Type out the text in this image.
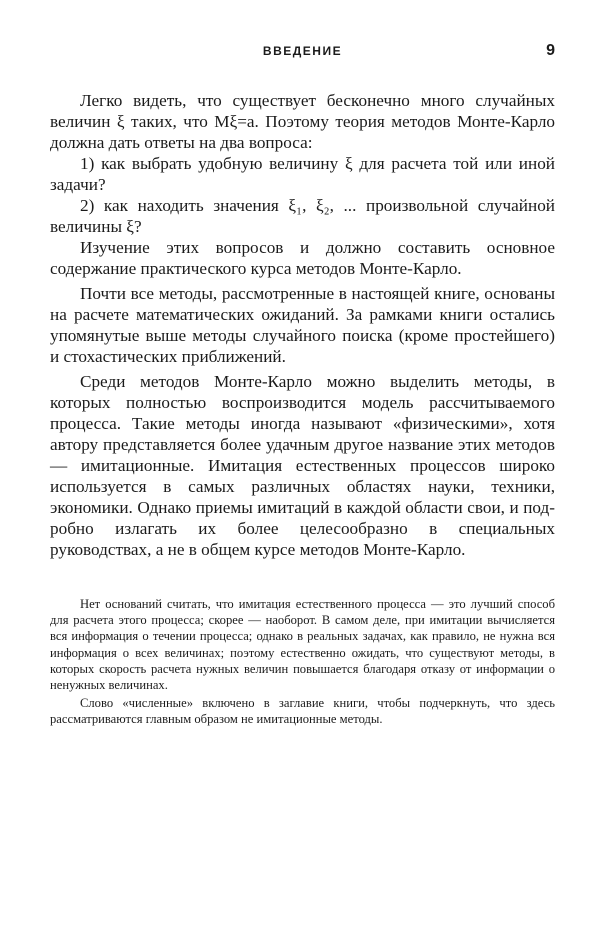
ВВЕДЕНИЕ	9

Легко видеть, что существует бесконечно много случайных величин ξ таких, что Mξ=a. Поэтому теория методов Монте-Карло должна дать ответы на два вопроса:

1) как выбрать удобную величину ξ для расчета той или иной задачи?

2) как находить значения ξ₁, ξ₂, ... произвольной случайной величины ξ?

Изучение этих вопросов и должно составить основное содержание практического курса методов Монте-Карло.

Почти все методы, рассмотренные в настоящей книге, основаны на расчете математических ожиданий. За рамками книги остались упомянутые выше методы случайного поиска (кроме простейшего) и стохастических приближений.

Среди методов Монте-Карло можно выделить методы, в которых полностью воспроизводится модель рассчитываемого процесса. Такие методы иногда называют «физическими», хотя автору представляется более удачным другое название этих методов — имитационные. Имитация естественных процессов широко используется в самых различных областях науки, техники, экономики. Однако приемы имитаций в каждой области свои, и подробно излагать их более целесообразно в специальных руководствах, а не в общем курсе методов Монте-Карло.

Нет оснований считать, что имитация естественного процесса — это лучший способ для расчета этого процесса; скорее — наоборот. В самом деле, при имитации вычисляется вся информация о течении процесса; однако в реальных задачах, как правило, не нужна вся информация о всех величинах; поэтому естественно ожидать, что существуют методы, в которых скорость расчета нужных величин повышается благодаря отказу от информации о ненужных величинах.

Слово «численные» включено в заглавие книги, чтобы подчеркнуть, что здесь рассматриваются главным образом не имитационные методы.
